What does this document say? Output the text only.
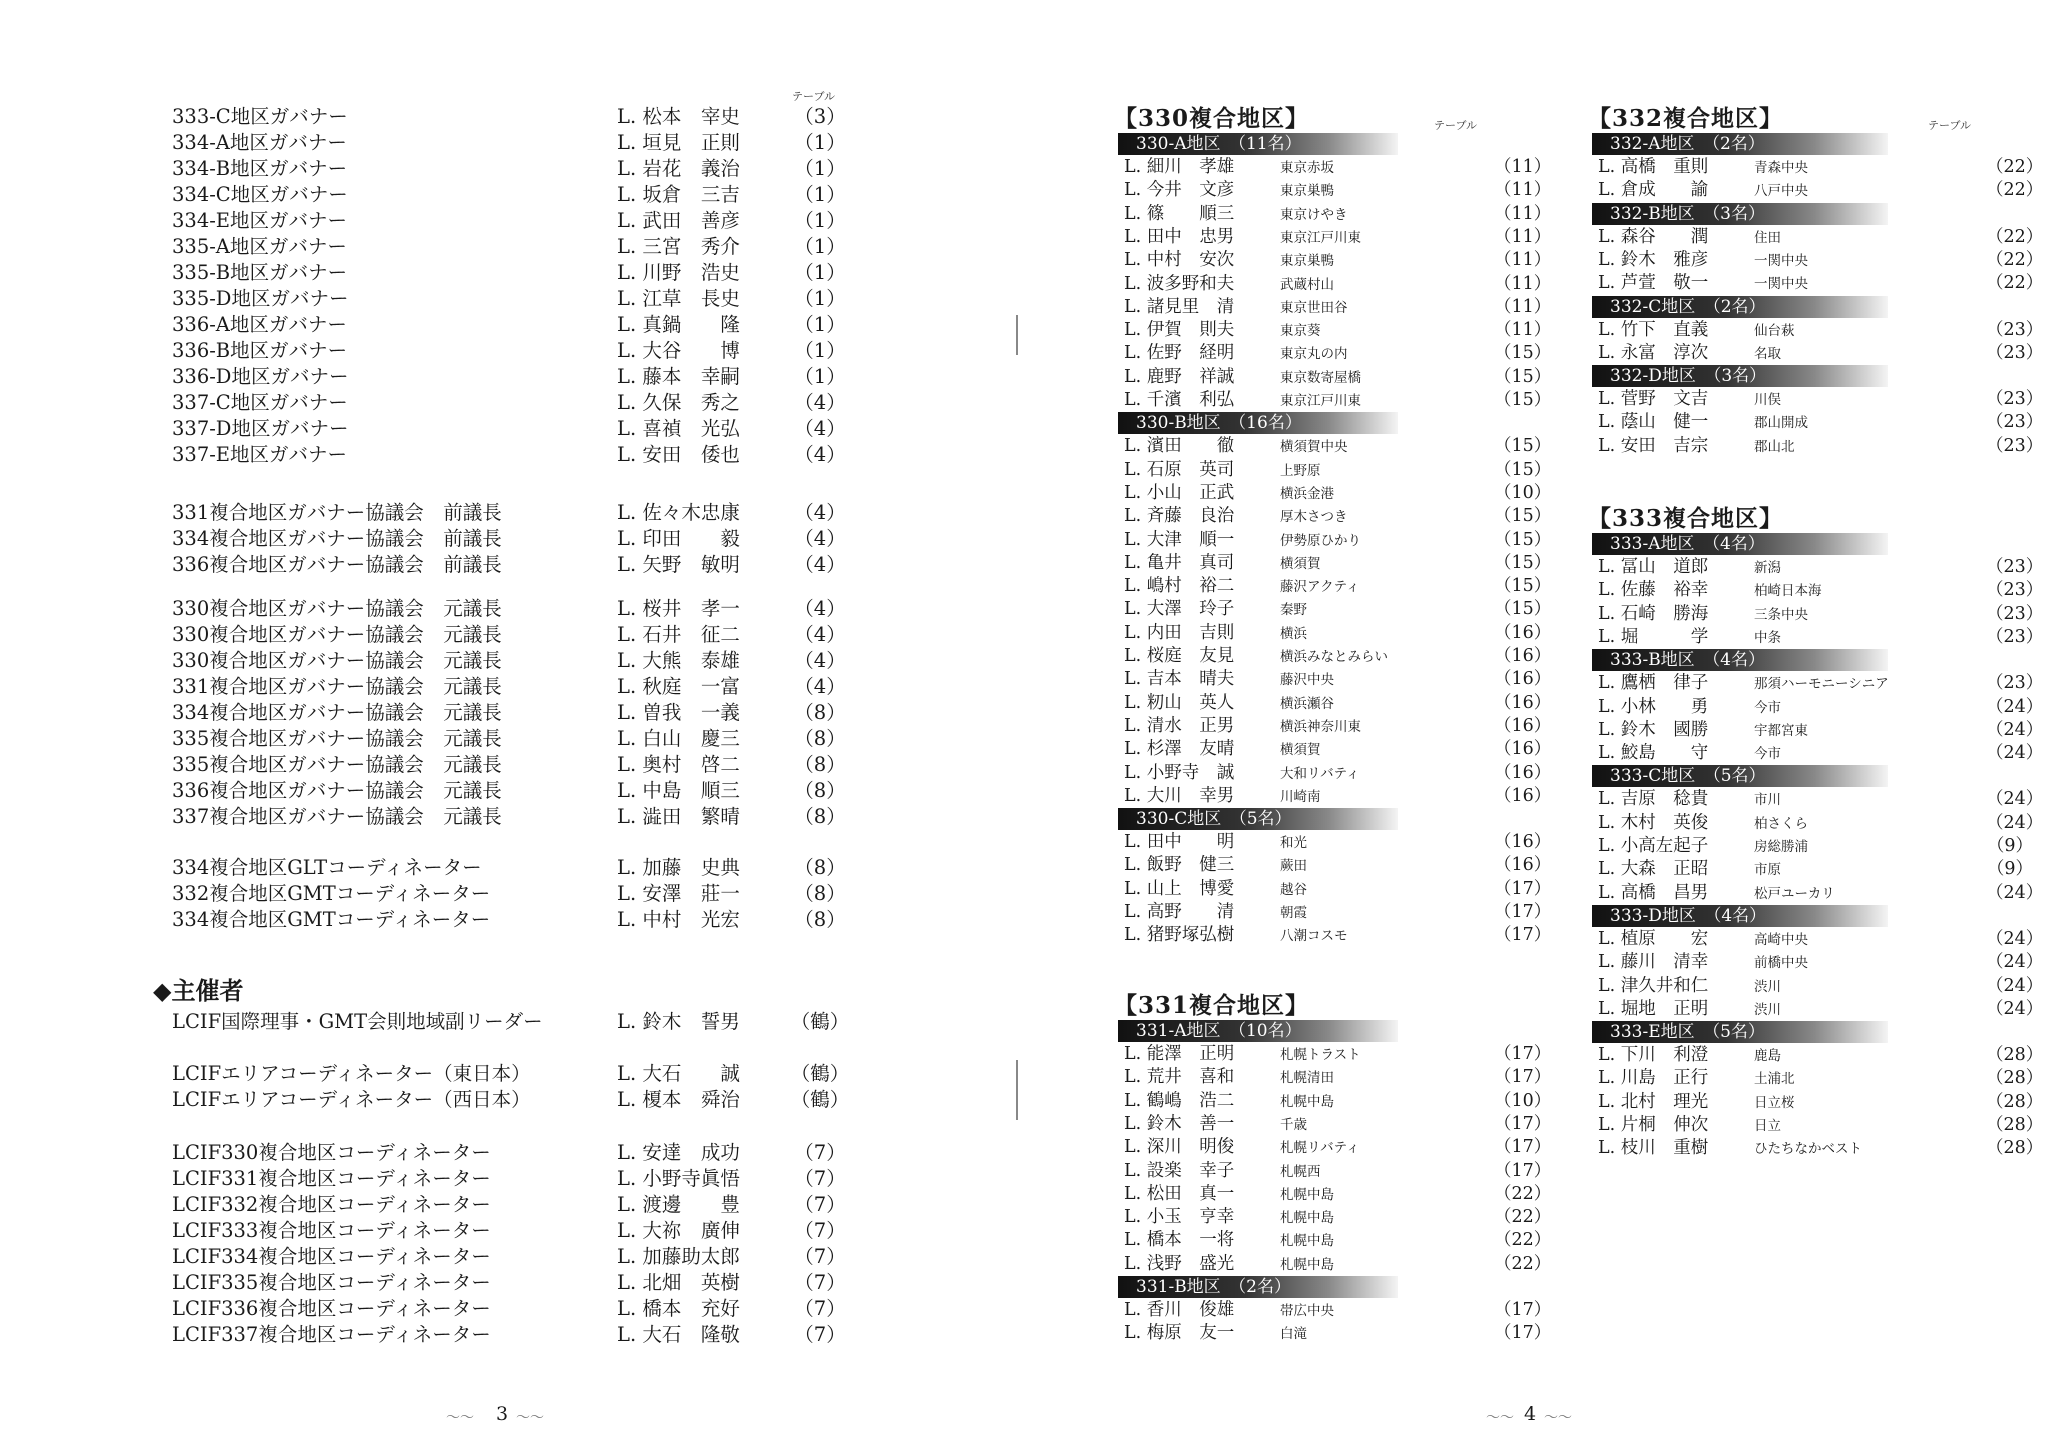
テーブル
333-C地区ガバナー	L. 松本　宰史	（3）
334-A地区ガバナー	L. 垣見　正則	（1）
334-B地区ガバナー	L. 岩花　義治	（1）
334-C地区ガバナー	L. 坂倉　三吉	（1）
334-E地区ガバナー	L. 武田　善彦	（1）
335-A地区ガバナー	L. 三宮　秀介	（1）
335-B地区ガバナー	L. 川野　浩史	（1）
335-D地区ガバナー	L. 江草　長史	（1）
336-A地区ガバナー	L. 真鍋　　隆	（1）
336-B地区ガバナー	L. 大谷　　博	（1）
336-D地区ガバナー	L. 藤本　幸嗣	（1）
337-C地区ガバナー	L. 久保　秀之	（4）
337-D地区ガバナー	L. 喜禎　光弘	（4）
337-E地区ガバナー	L. 安田　倭也	（4）
331複合地区ガバナー協議会　前議長	L. 佐々木忠康	（4）
334複合地区ガバナー協議会　前議長	L. 印田　　毅	（4）
336複合地区ガバナー協議会　前議長	L. 矢野　敏明	（4）
330複合地区ガバナー協議会　元議長	L. 桜井　孝一	（4）
330複合地区ガバナー協議会　元議長	L. 石井　征二	（4）
330複合地区ガバナー協議会　元議長	L. 大熊　泰雄	（4）
331複合地区ガバナー協議会　元議長	L. 秋庭　一富	（4）
334複合地区ガバナー協議会　元議長	L. 曽我　一義	（8）
335複合地区ガバナー協議会　元議長	L. 白山　慶三	（8）
335複合地区ガバナー協議会　元議長	L. 奥村　啓二	（8）
336複合地区ガバナー協議会　元議長	L. 中島　順三	（8）
337複合地区ガバナー協議会　元議長	L. 澁田　繁晴	（8）
334複合地区GLTコーディネーター	L. 加藤　史典	（8）
332複合地区GMTコーディネーター	L. 安澤　莊一	（8）
334複合地区GMTコーディネーター	L. 中村　光宏	（8）
◆主催者
LCIF国際理事・GMT会則地域副リーダー	L. 鈴木　誓男	（鶴）
LCIFエリアコーディネーター（東日本）	L. 大石　　誠	（鶴）
LCIFエリアコーディネーター（西日本）	L. 榎本　舜治	（鶴）
LCIF330複合地区コーディネーター	L. 安達　成功	（7）
LCIF331複合地区コーディネーター	L. 小野寺眞悟	（7）
LCIF332複合地区コーディネーター	L. 渡邊　　豊	（7）
LCIF333複合地区コーディネーター	L. 大祢　廣伸	（7）
LCIF334複合地区コーディネーター	L. 加藤助太郎	（7）
LCIF335複合地区コーディネーター	L. 北畑　英樹	（7）
LCIF336複合地区コーディネーター	L. 橋本　充好	（7）
LCIF337複合地区コーディネーター	L. 大石　隆敬	（7）
3
〜〜	〜〜
テーブル
【330複合地区】
330-A地区　（11名）
L. 細川　孝雄	東京赤坂	（11）
L. 今井　文彦	東京巣鴨	（11）
L. 篠　　順三	東京けやき	（11）
L. 田中　忠男	東京江戸川東	（11）
L. 中村　安次	東京巣鴨	（11）
L. 波多野和夫	武蔵村山	（11）
L. 諸見里　清	東京世田谷	（11）
L. 伊賀　則夫	東京葵	（11）
L. 佐野　経明	東京丸の内	（15）
L. 鹿野　祥誠	東京数寄屋橋	（15）
L. 千濱　利弘	東京江戸川東	（15）
330-B地区　（16名）
L. 濱田　　徹	横須賀中央	（15）
L. 石原　英司	上野原	（15）
L. 小山　正武	横浜金港	（10）
L. 斉藤　良治	厚木さつき	（15）
L. 大津　順一	伊勢原ひかり	（15）
L. 亀井　真司	横須賀	（15）
L. 嶋村　裕二	藤沢アクティ	（15）
L. 大澤　玲子	秦野	（15）
L. 内田　吉則	横浜	（16）
L. 桜庭　友見	横浜みなとみらい	（16）
L. 吉本　晴夫	藤沢中央	（16）
L. 籾山　英人	横浜瀬谷	（16）
L. 清水　正男	横浜神奈川東	（16）
L. 杉澤　友晴	横須賀	（16）
L. 小野寺　誠	大和リバティ	（16）
L. 大川　幸男	川崎南	（16）
330-C地区　（5名）
L. 田中　　明	和光	（16）
L. 飯野　健三	蕨田	（16）
L. 山上　博愛	越谷	（17）
L. 高野　　清	朝霞	（17）
L. 猪野塚弘樹	八潮コスモ	（17）
【331複合地区】
331-A地区　（10名）
L. 能澤　正明	札幌トラスト	（17）
L. 荒井　喜和	札幌清田	（17）
L. 鶴嶋　浩二	札幌中島	（10）
L. 鈴木　善一	千歳	（17）
L. 深川　明俊	札幌リバティ	（17）
L. 設楽　幸子	札幌西	（17）
L. 松田　真一	札幌中島	（22）
L. 小玉　亨幸	札幌中島	（22）
L. 橋本　一将	札幌中島	（22）
L. 浅野　盛光	札幌中島	（22）
331-B地区　（2名）
L. 香川　俊雄	帯広中央	（17）
L. 梅原　友一	白滝	（17）
テーブル
【332複合地区】
332-A地区　（2名）
L. 高橋　重則	青森中央	（22）
L. 倉成　　諭	八戸中央	（22）
332-B地区　（3名）
L. 森谷　　潤	住田	（22）
L. 鈴木　雅彦	一関中央	（22）
L. 芦萱　敬一	一関中央	（22）
332-C地区　（2名）
L. 竹下　直義	仙台萩	（23）
L. 永富　淳次	名取	（23）
332-D地区　（3名）
L. 菅野　文吉	川俣	（23）
L. 蔭山　健一	郡山開成	（23）
L. 安田　吉宗	郡山北	（23）
【333複合地区】
333-A地区　（4名）
L. 冨山　道郎	新潟	（23）
L. 佐藤　裕幸	柏崎日本海	（23）
L. 石崎　勝海	三条中央	（23）
L. 堀　　　学	中条	（23）
333-B地区　（4名）
L. 鷹栖　律子	那須ハーモニーシニア	（23）
L. 小林　　勇	今市	（24）
L. 鈴木　國勝	宇都宮東	（24）
L. 鮫島　　守	今市	（24）
333-C地区　（5名）
L. 吉原　稔貴	市川	（24）
L. 木村　英俊	柏さくら	（24）
L. 小高左起子	房総勝浦	（9）
L. 大森　正昭	市原	（9）
L. 高橋　昌男	松戸ユーカリ	（24）
333-D地区　（4名）
L. 植原　　宏	高崎中央	（24）
L. 藤川　清幸	前橋中央	（24）
L. 津久井和仁	渋川	（24）
L. 堀地　正明	渋川	（24）
333-E地区　（5名）
L. 下川　利澄	鹿島	（28）
L. 川島　正行	土浦北	（28）
L. 北村　理光	日立桜	（28）
L. 片桐　伸次	日立	（28）
L. 枝川　重樹	ひたちなかベスト	（28）
4
〜〜 〜〜
